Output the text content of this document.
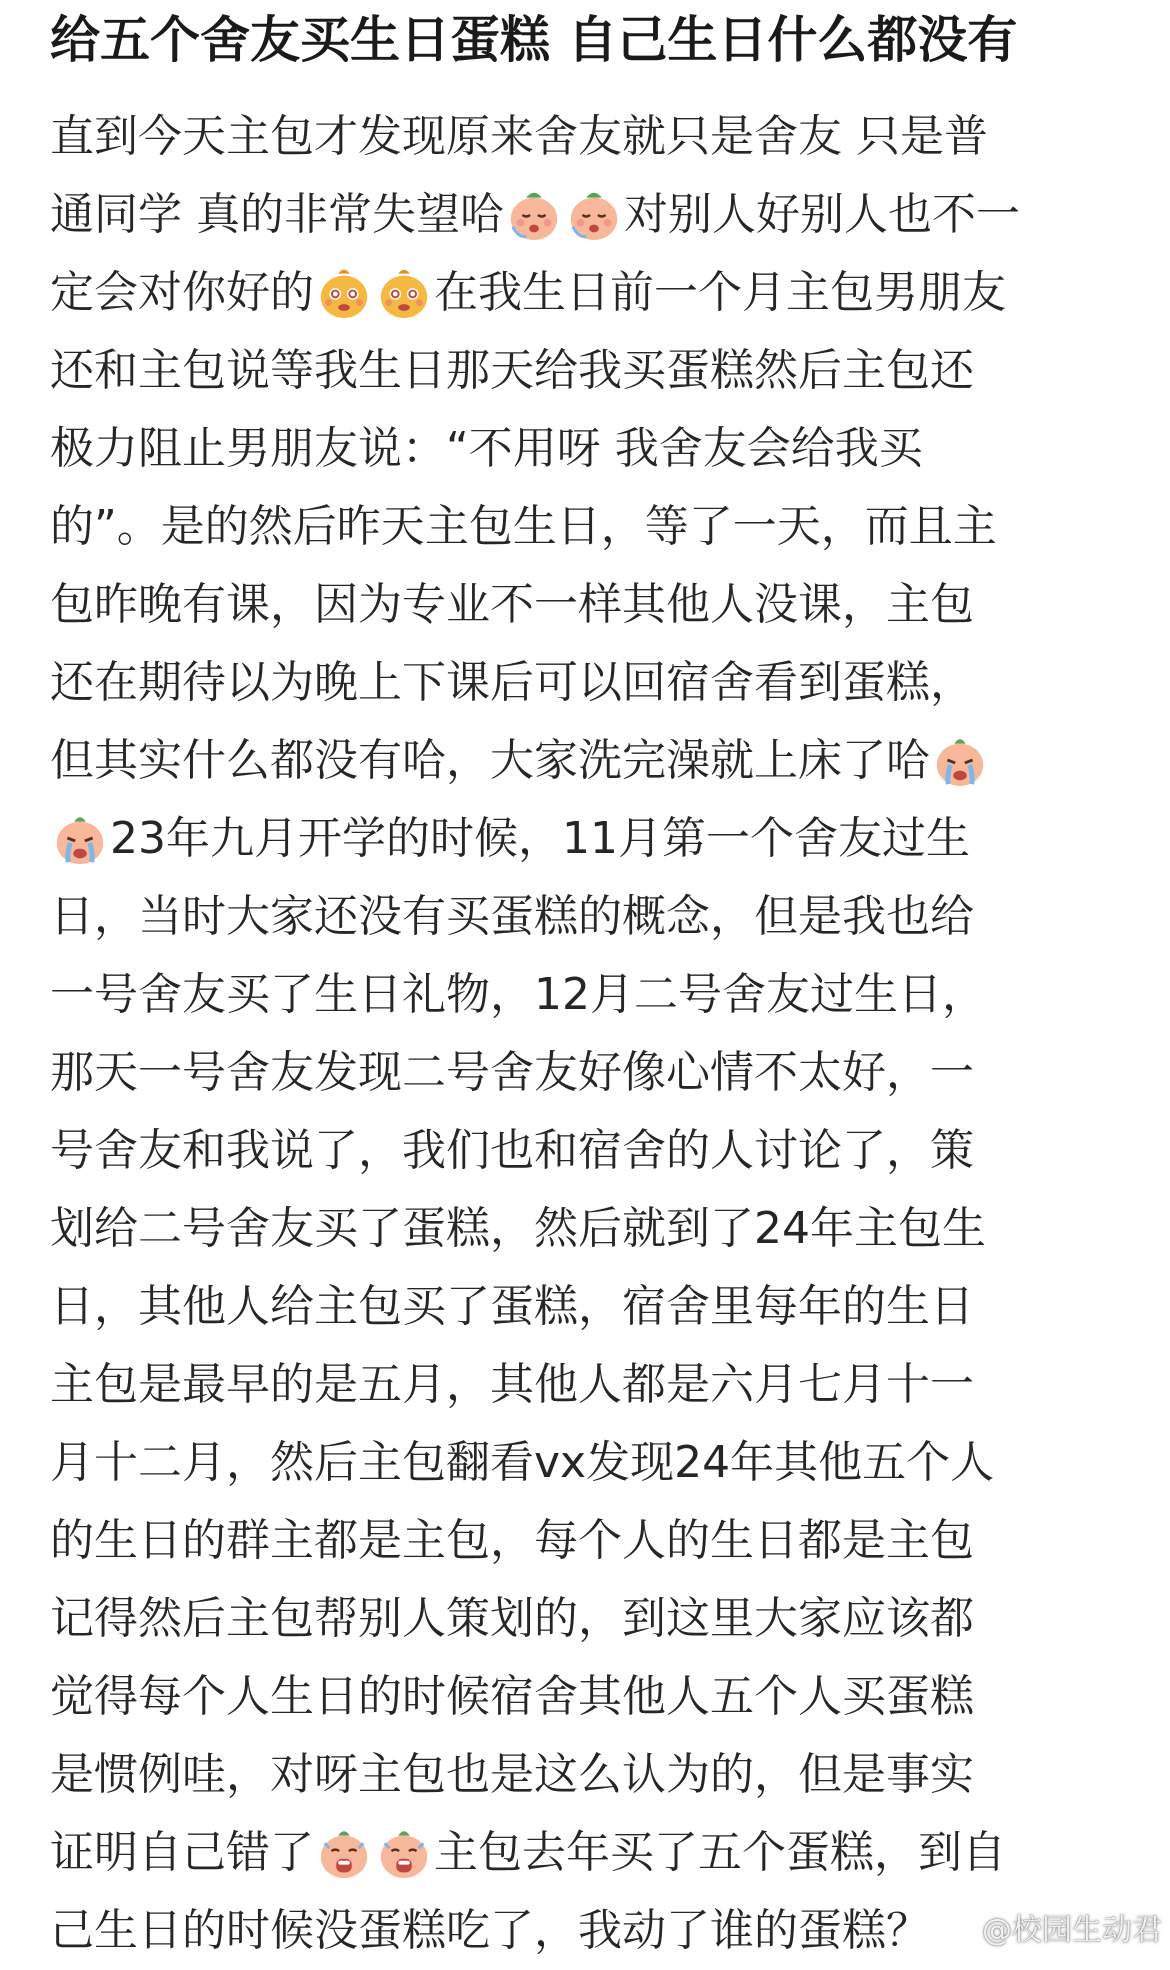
给五个舍友买生日蛋糕 自己生日什么都没有
直到今天主包才发现原来舍友就只是舍友 只是普
通同学 真的非常失望哈	对别人好别人也不一
定会对你好的	在我生日前一个月主包男朋友
还和主包说等我生日那天给我买蛋糕然后主包还
极力阻止男朋友说：“不用呀 我舍友会给我买
的”。是的然后昨天主包生日，等了一天，而且主
包昨晚有课，因为专业不一样其他人没课，主包
还在期待以为晚上下课后可以回宿舍看到蛋糕，
但其实什么都没有哈，大家洗完澡就上床了哈
23年九月开学的时候，11月第一个舍友过生
日，当时大家还没有买蛋糕的概念，但是我也给
一号舍友买了生日礼物，12月二号舍友过生日，
那天一号舍友发现二号舍友好像心情不太好，一
号舍友和我说了，我们也和宿舍的人讨论了，策
划给二号舍友买了蛋糕，然后就到了24年主包生
日，其他人给主包买了蛋糕，宿舍里每年的生日
主包是最早的是五月，其他人都是六月七月十一
月十二月，然后主包翻看vx发现24年其他五个人
的生日的群主都是主包，每个人的生日都是主包
记得然后主包帮别人策划的，到这里大家应该都
觉得每个人生日的时候宿舍其他人五个人买蛋糕
是惯例哇，对呀主包也是这么认为的，但是事实
证明自己错了	主包去年买了五个蛋糕，到自
己生日的时候没蛋糕吃了，我动了谁的蛋糕？	@校园生动君
